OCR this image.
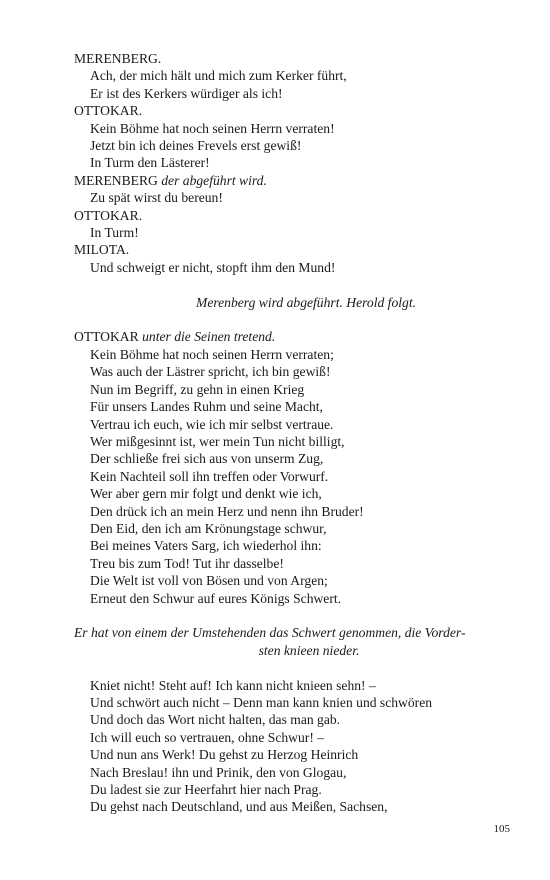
MERENBERG.
Ach, der mich hält und mich zum Kerker führt,
Er ist des Kerkers würdiger als ich!
OTTOKAR.
Kein Böhme hat noch seinen Herrn verraten!
Jetzt bin ich deines Frevels erst gewiß!
In Turm den Lästerer!
MERENBERG der abgeführt wird.
Zu spät wirst du bereun!
OTTOKAR.
In Turm!
MILOTA.
Und schweigt er nicht, stopft ihm den Mund!
Merenberg wird abgeführt. Herold folgt.
OTTOKAR unter die Seinen tretend.
Kein Böhme hat noch seinen Herrn verraten;
Was auch der Lästrer spricht, ich bin gewiß!
Nun im Begriff, zu gehn in einen Krieg
Für unsers Landes Ruhm und seine Macht,
Vertrau ich euch, wie ich mir selbst vertraue.
Wer mißgesinnt ist, wer mein Tun nicht billigt,
Der schließe frei sich aus von unserm Zug,
Kein Nachteil soll ihn treffen oder Vorwurf.
Wer aber gern mir folgt und denkt wie ich,
Den drück ich an mein Herz und nenn ihn Bruder!
Den Eid, den ich am Krönungstage schwur,
Bei meines Vaters Sarg, ich wiederhol ihn:
Treu bis zum Tod! Tut ihr dasselbe!
Die Welt ist voll von Bösen und von Argen;
Erneut den Schwur auf eures Königs Schwert.
Er hat von einem der Umstehenden das Schwert genommen, die Vorder-
sten knieen nieder.
Kniet nicht! Steht auf! Ich kann nicht knieen sehn! –
Und schwört auch nicht – Denn man kann knien und schwören
Und doch das Wort nicht halten, das man gab.
Ich will euch so vertrauen, ohne Schwur! –
Und nun ans Werk! Du gehst zu Herzog Heinrich
Nach Breslau! ihn und Prinik, den von Glogau,
Du ladest sie zur Heerfahrt hier nach Prag.
Du gehst nach Deutschland, und aus Meißen, Sachsen,
105
